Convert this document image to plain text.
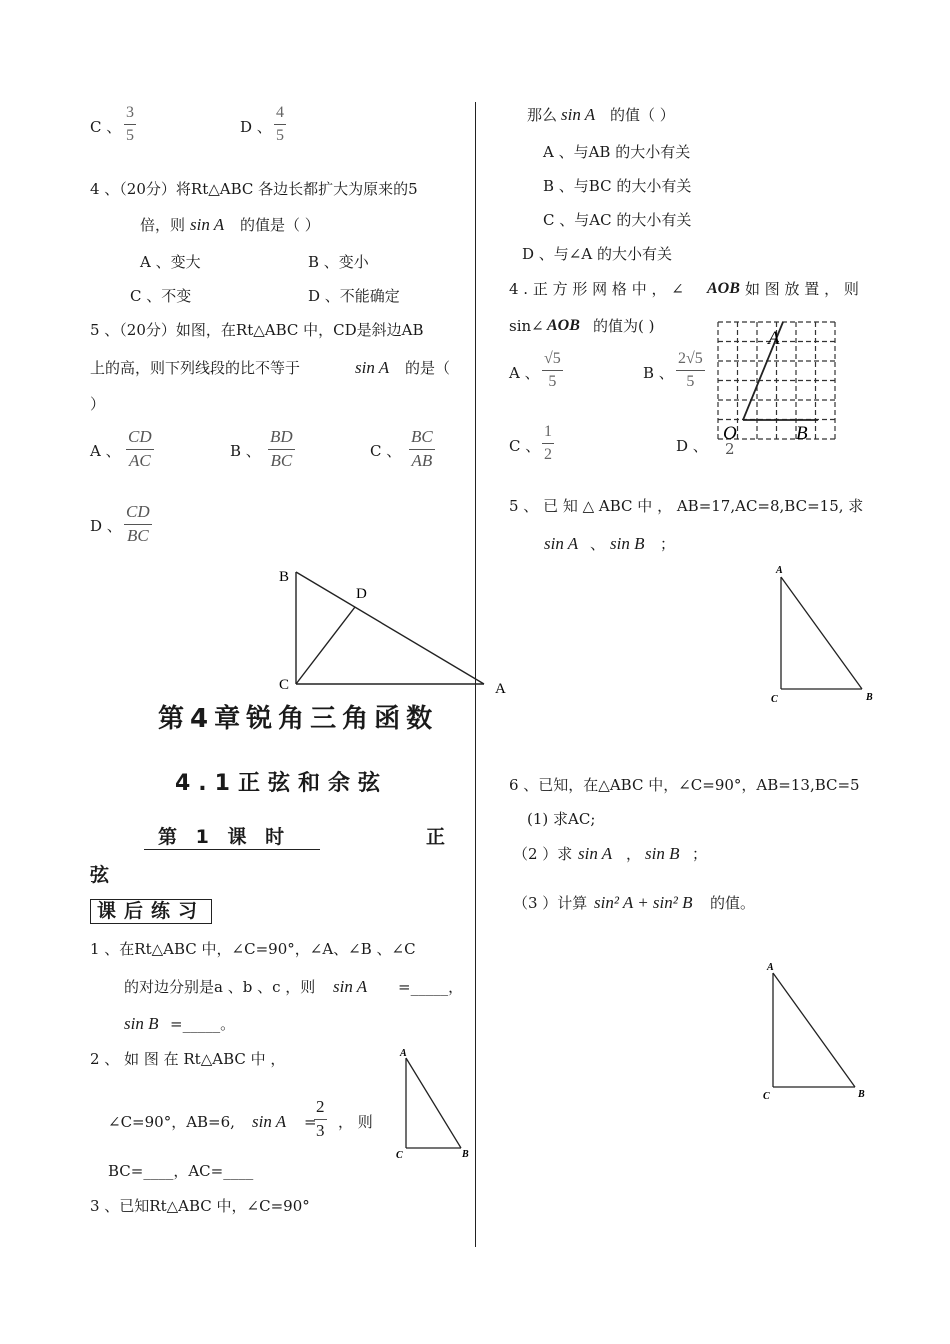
C 、 $\frac{3}{5}$	D 、 $\frac{4}{5}$
4 、（20分）将Rt△ABC 各边长都扩大为原来的5
倍，则 sin A 的值是（ ）
A 、变大	B 、变小
C 、不变	D 、不能确定
5 、（20分）如图，在Rt△ABC 中，CD是斜边AB
上的高，则下列线段的比不等于	sin A 的是（
）
A 、 $\frac{CD}{AC}$	B 、 $\frac{BD}{BC}$	C 、 $\frac{BC}{AB}$
D 、 $\frac{CD}{BC}$
B
D
C	A
第4章锐角三角函数
4.1正弦和余弦
第 1 课 时	正
弦
课后练习
1 、在Rt△ABC 中，∠C=90°，∠A、∠B 、∠C
的对边分别是a 、b 、c ，则 sin A =_____，
sin B =_____。
2 、 如 图 在 Rt△ABC 中 ，
∠C=90°，AB=6, sin A =
$\frac{2}{3}$ ， 则
BC=____，AC=____
A
C	B
3 、已知Rt△ABC 中，∠C=90°
那么 sin A 的值（ ）
A 、与AB 的大小有关
B 、与BC 的大小有关
C 、与AC 的大小有关
D 、与∠A 的大小有关
4 . 正 方 形 网 格 中 ， ∠ AOB 如 图 放 置 ， 则
sin∠ AOB 的值为( )
A 、 $\frac{√5}{5}$	B 、 $\frac{2√5}{5}$
C 、 $\frac{1}{2}$	D 、 2
A
O	B
5 、 已 知 △ ABC 中 ， AB=17,AC=8,BC=15, 求
sin A 、 sin B ；
A
C	B
6 、已知，在△ABC 中，∠C=90°，AB=13,BC=5
(1) 求AC;
（2 ）求 sin A ， sin B ；
（3 ）计算 sin² A + sin² B 的值。
A
C	B
